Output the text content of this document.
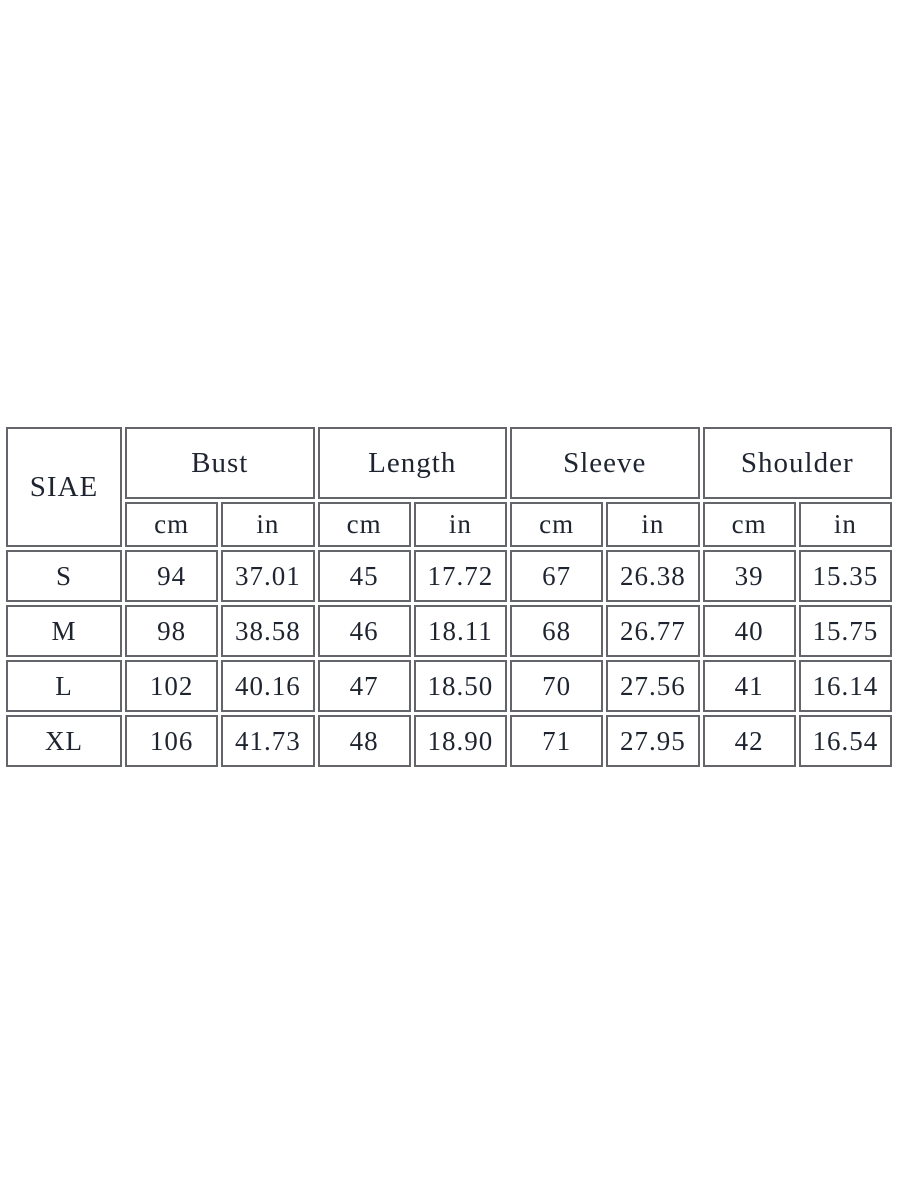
SIAE	Bust		Length		Sleeve		Shoulder	
	cm	in	cm	in	cm	in	cm	in
S	94	37.01	45	17.72	67	26.38	39	15.35
M	98	38.58	46	18.11	68	26.77	40	15.75
L	102	40.16	47	18.50	70	27.56	41	16.14
XL	106	41.73	48	18.90	71	27.95	42	16.54
